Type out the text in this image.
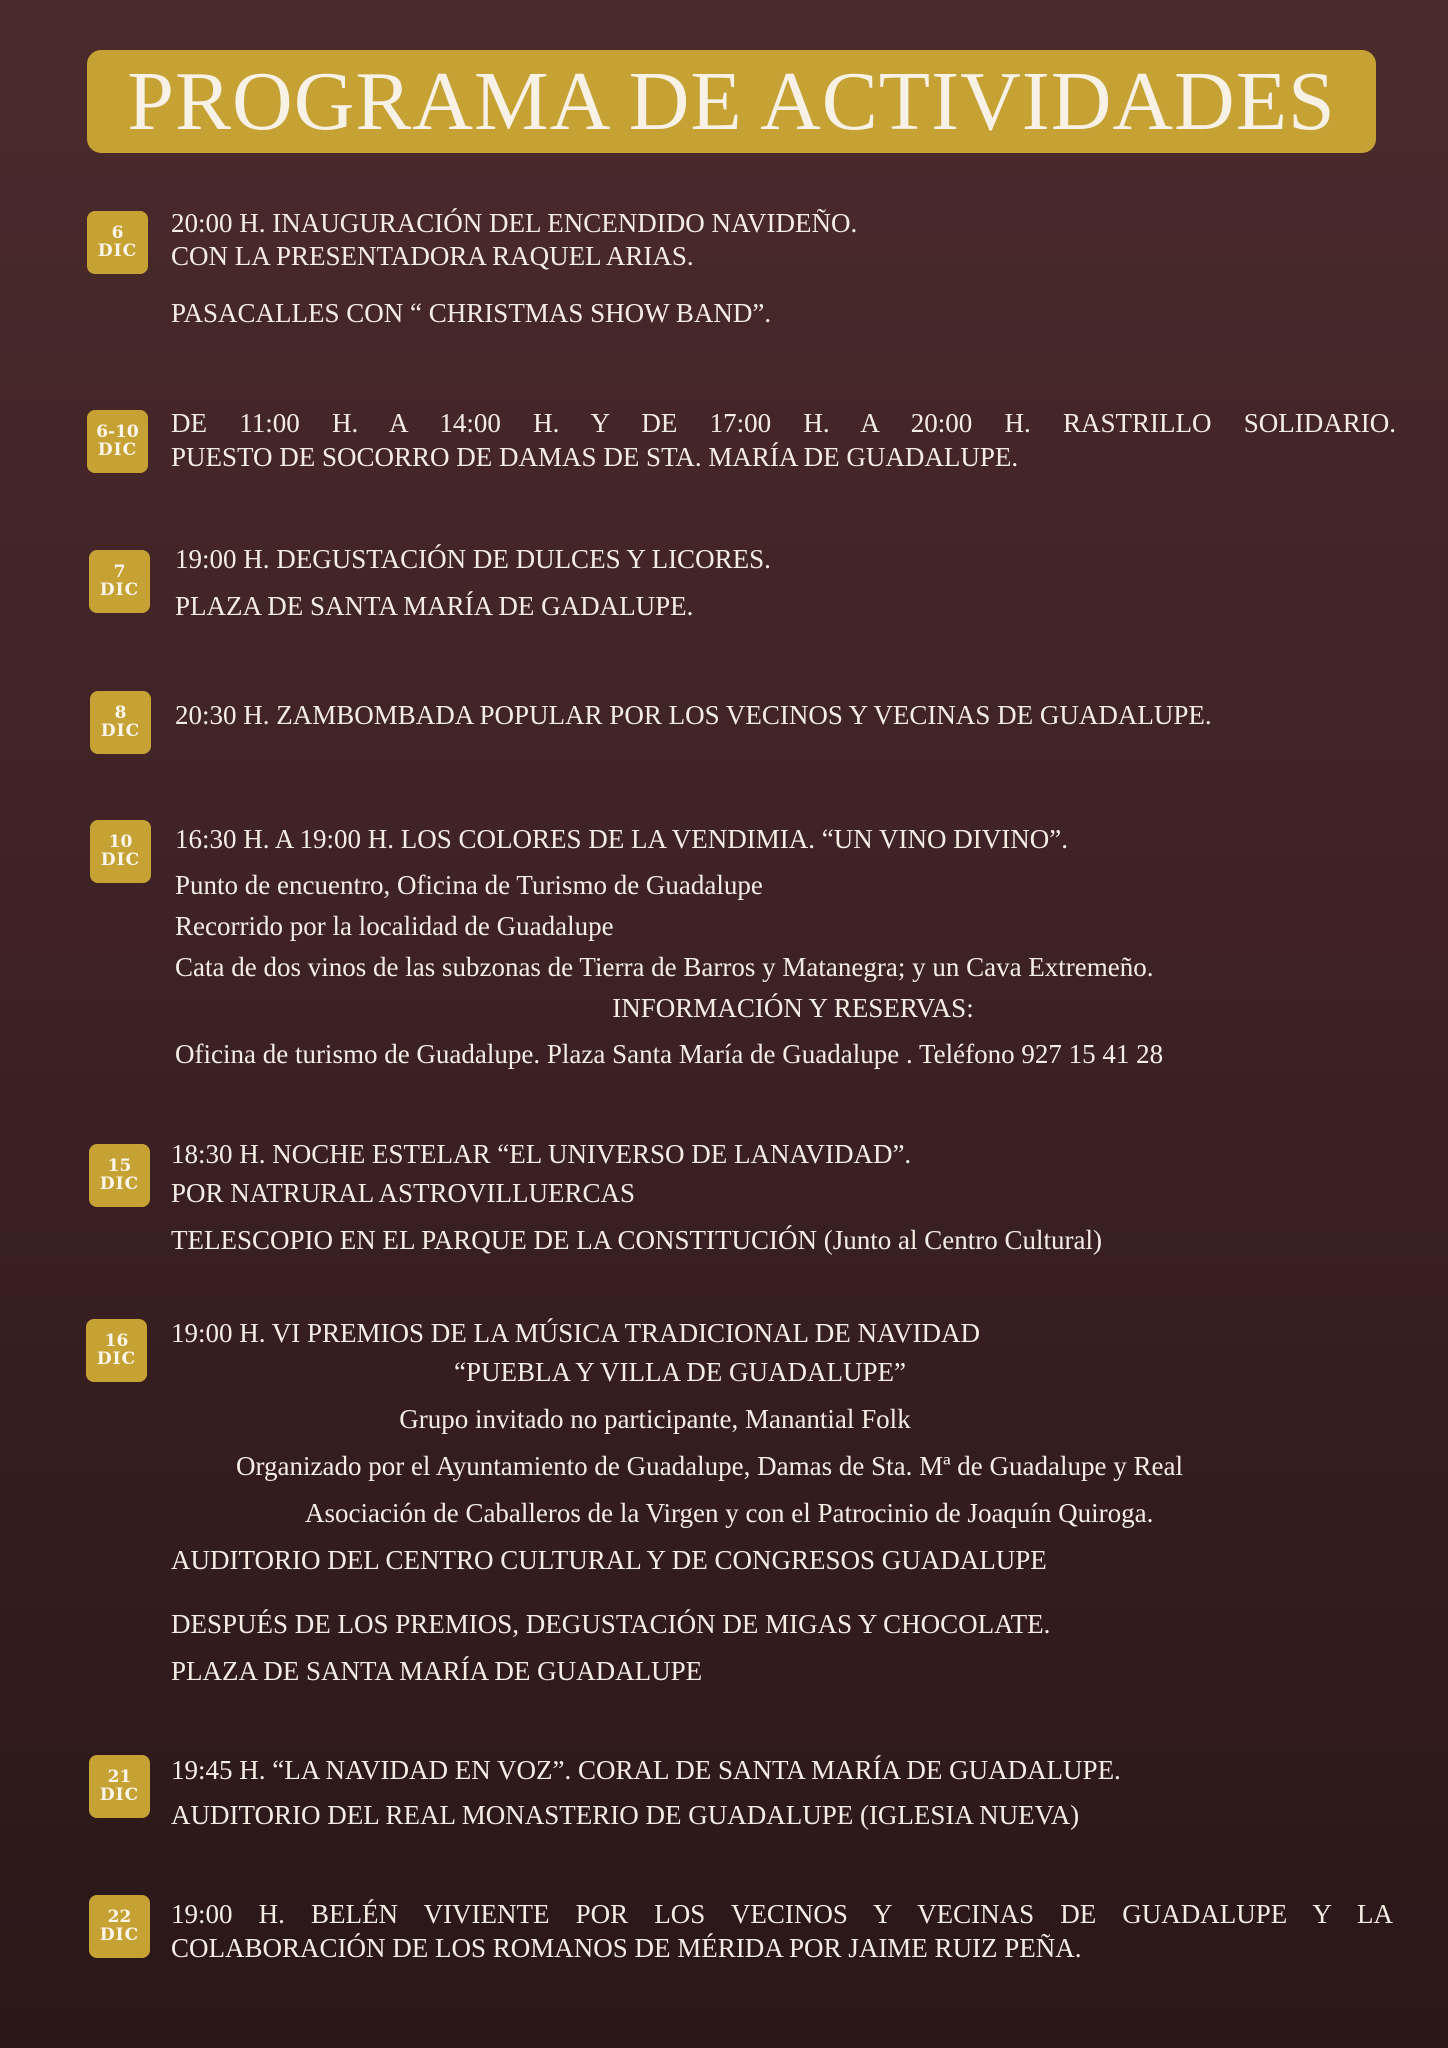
PROGRAMA DE ACTIVIDADES
6
DIC
20:00 H. INAUGURACIÓN DEL ENCENDIDO NAVIDEÑO.
CON LA PRESENTADORA RAQUEL ARIAS.
PASACALLES CON “ CHRISTMAS SHOW BAND”.
6-10
DIC
DE 11:00 H. A 14:00 H. Y DE 17:00 H. A 20:00 H. RASTRILLO SOLIDARIO.
PUESTO DE SOCORRO DE DAMAS DE STA. MARÍA DE GUADALUPE.
7
DIC
19:00 H. DEGUSTACIÓN DE DULCES Y LICORES.
PLAZA DE SANTA MARÍA DE GADALUPE.
8
DIC
20:30 H. ZAMBOMBADA POPULAR POR LOS VECINOS Y VECINAS DE GUADALUPE.
10
DIC
16:30 H. A 19:00 H. LOS COLORES DE LA VENDIMIA. “UN VINO DIVINO”.
Punto de encuentro, Oficina de Turismo de Guadalupe
Recorrido por la localidad de Guadalupe
Cata de dos vinos de las subzonas de Tierra de Barros y Matanegra; y un Cava Extremeño.
INFORMACIÓN Y RESERVAS:
Oficina de turismo de Guadalupe. Plaza Santa María de Guadalupe . Teléfono 927 15 41 28
15
DIC
18:30 H. NOCHE ESTELAR “EL UNIVERSO DE LANAVIDAD”.
POR NATRURAL ASTROVILLUERCAS
TELESCOPIO EN EL PARQUE DE LA CONSTITUCIÓN (Junto al Centro Cultural)
16
DIC
19:00 H. VI PREMIOS DE LA MÚSICA TRADICIONAL DE NAVIDAD
“PUEBLA Y VILLA DE GUADALUPE”
Grupo invitado no participante, Manantial Folk
Organizado por el Ayuntamiento de Guadalupe, Damas de Sta. Mª de Guadalupe y Real
Asociación de Caballeros de la Virgen y con el Patrocinio de Joaquín Quiroga.
AUDITORIO DEL CENTRO CULTURAL Y DE CONGRESOS GUADALUPE
DESPUÉS DE LOS PREMIOS, DEGUSTACIÓN DE MIGAS Y CHOCOLATE.
PLAZA DE SANTA MARÍA DE GUADALUPE
21
DIC
19:45 H. “LA NAVIDAD EN VOZ”. CORAL DE SANTA MARÍA DE GUADALUPE.
AUDITORIO DEL REAL MONASTERIO DE GUADALUPE (IGLESIA NUEVA)
22
DIC
19:00 H. BELÉN VIVIENTE POR LOS VECINOS Y VECINAS DE GUADALUPE Y LA
COLABORACIÓN DE LOS ROMANOS DE MÉRIDA POR JAIME RUIZ PEÑA.
